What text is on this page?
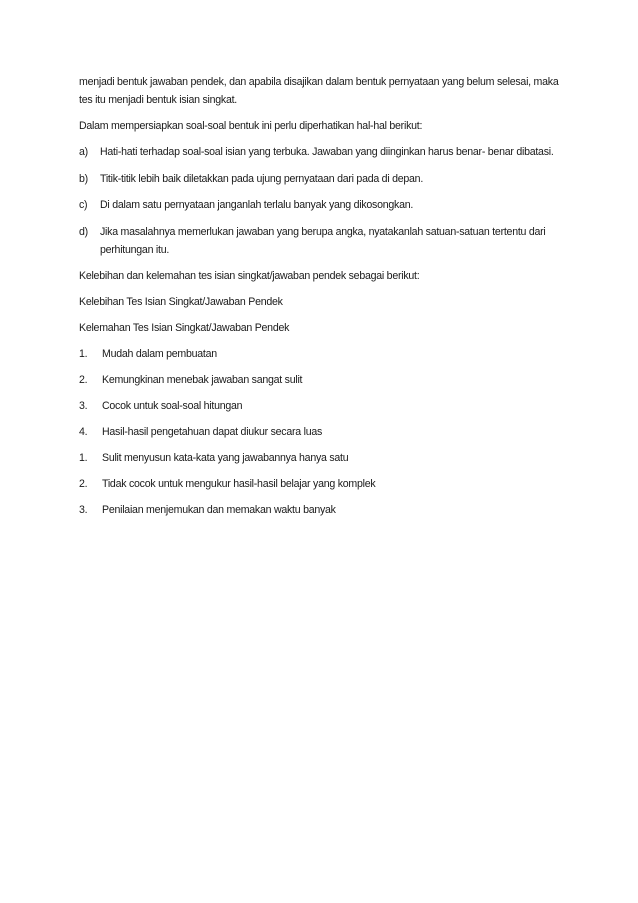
menjadi bentuk jawaban pendek, dan apabila disajikan dalam bentuk pernyataan yang belum selesai, maka tes itu menjadi bentuk isian singkat.

Dalam mempersiapkan soal-soal bentuk ini perlu diperhatikan hal-hal berikut:

a)	Hati-hati terhadap soal-soal isian yang terbuka. Jawaban yang diinginkan harus benar- benar dibatasi.
b)	Titik-titik lebih baik diletakkan pada ujung pernyataan dari pada di depan.
c)	Di dalam satu pernyataan janganlah terlalu banyak yang dikosongkan.
d)	Jika masalahnya memerlukan jawaban yang berupa angka, nyatakanlah satuan-satuan tertentu dari perhitungan itu.

Kelebihan dan kelemahan tes isian singkat/jawaban pendek sebagai berikut:

Kelebihan Tes Isian Singkat/Jawaban Pendek

Kelemahan Tes Isian Singkat/Jawaban Pendek

1.	Mudah dalam pembuatan
2.	Kemungkinan menebak jawaban sangat sulit
3.	Cocok untuk soal-soal hitungan
4.	Hasil-hasil pengetahuan dapat diukur secara luas
1.	Sulit menyusun kata-kata yang jawabannya hanya satu
2.	Tidak cocok untuk mengukur hasil-hasil belajar yang komplek
3.	Penilaian menjemukan dan memakan waktu banyak
